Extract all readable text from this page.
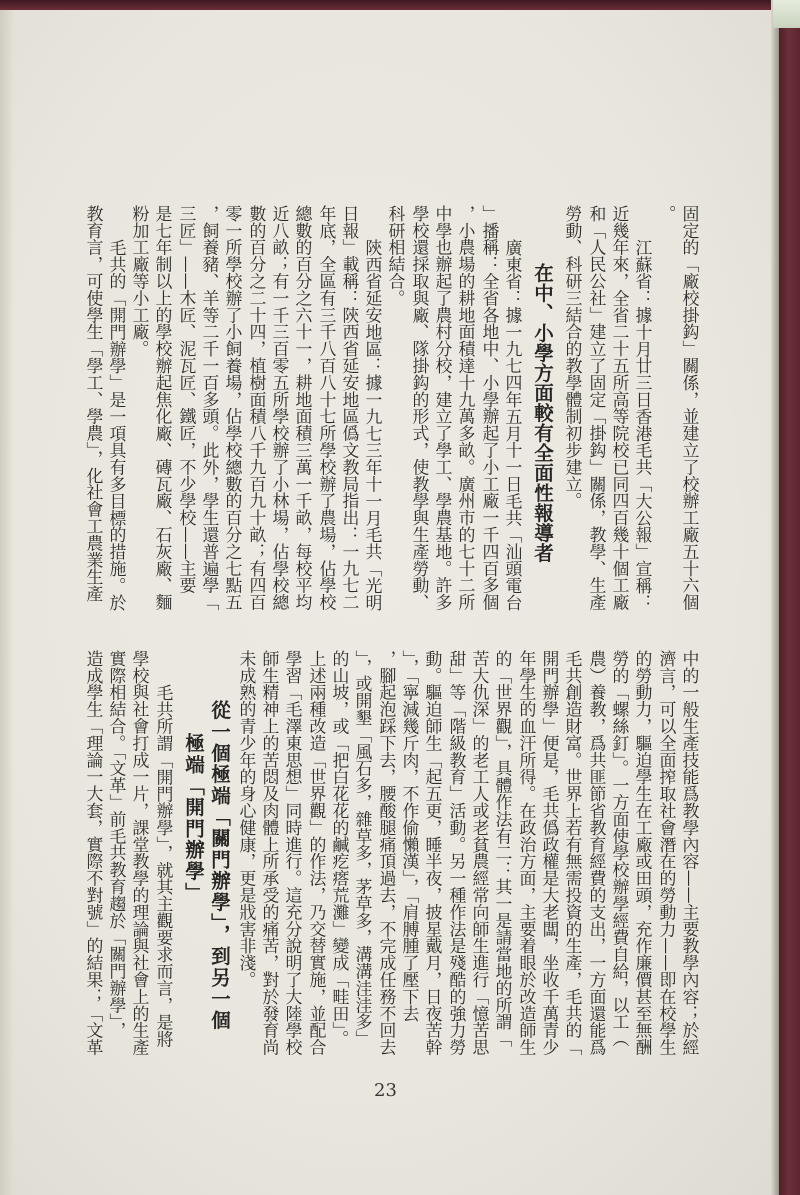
固定的「廠校掛鈎」關係，並建立了校辦工廠五十六個
。
江蘇省：據十月廿三日香港毛共「大公報」宣稱：
近幾年來，全省二十五所高等院校已同四百幾十個工廠
和「人民公社」建立了固定「掛鈎」關係，教學、生產
勞動、科研三結合的教學體制初步建立。
在中、小學方面較有全面性報導者
廣東省：據一九七四年五月十一日毛共「汕頭電台
」播稱：全省各地中、小學辦起了小工廠一千四百多個
，小農場的耕地面積達十九萬多畝。廣州市的七十二所
中學也辦起了農村分校，建立了學工、學農基地。許多
學校還採取與廠、隊掛鈎的形式，使教學與生產勞動、
科研相結合。
陝西省延安地區：據一九七三年十一月毛共「光明
日報」載稱：陝西省延安地區僞文教局指出：一九七二
年底，全區有三千八百八十七所學校辦了農場，佔學校
總數的百分之六十一，耕地面積三萬一千畝，每校平均
近八畝；有一千三百零五所學校辦了小林場，佔學校總
數的百分之二十四，植樹面積八千九百九十畝；有四百
零一所學校辦了小飼養場，佔學校總數的百分之七點五
，飼養豬、羊等二千一百多頭。此外，學生還普遍學「
三匠」——木匠、泥瓦匠、鐵匠，不少學校——主要
是七年制以上的學校辦起焦化廠、磚瓦廠、石灰廠、麵
粉加工廠等小工廠。
毛共的「開門辦學」是一項具有多目標的措施。於
教育言，可使學生「學工、學農」，化社會工農業生產
中的一般生產技能爲教學內容——主要教學內容；於經
濟言，可以全面搾取社會潛在的勞動力——即在校學生
的勞動力，驅迫學生在工廠或田頭，充作廉價甚至無酬
勞的「螺絲釘」。一方面使學校辦學經費自給，以工（
農）養教，爲共匪節省教育經費的支出，一方面還能爲
毛共創造財富。世界上若有無需投資的生產，毛共的「
開門辦學」便是，毛共僞政權是大老闆，坐收千萬青少
年學生的血汗所得。在政治方面，主要着眼於改造師生
的「世界觀」，具體作法有二：其一是請當地的所謂「
苦大仇深」的老工人或老貧農經常向師生進行「憶苦思
甜」等「階級教育」活動。另一種作法是殘酷的強力勞
動。驅迫師生「起五更，睡半夜，披星戴月，日夜苦幹
」，「寧減幾斤肉，不作偷懶漢」，「肩膊腫了壓下去
，腳起泡踩下去，腰酸腿痛頂過去，不完成任務不回去
」，或開墾「風石多，雜草多，茅草多，溝溝洼洼多」
的山坡，或「把白花花的鹹疙瘩荒灘」變成「畦田」。
上述兩種改造「世界觀」的作法，乃交替實施，並配合
學習「毛澤東思想」同時進行。這充分說明了大陸學校
師生精神上的苦悶及肉體上所承受的痛苦，對於發育尚
未成熟的青少年的身心健康，更是戕害非淺。
從一個極端「關門辦學」，到另一個
極端「開門辦學」
毛共所謂「開門辦學」，就其主觀要求而言，是將
學校與社會打成一片，課堂教學的理論與社會上的生產
實際相結合。「文革」前毛共教育趨於「關門辦學」，
造成學生「理論一大套，實際不對號」的結果；「文革
23
